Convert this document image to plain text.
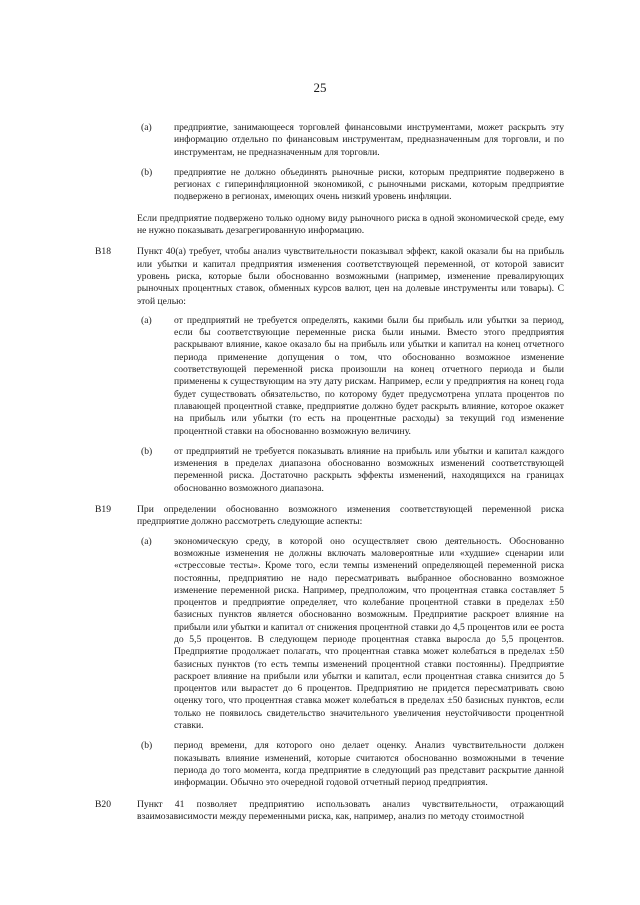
25
(a) предприятие, занимающееся торговлей финансовыми инструментами, может раскрыть эту информацию отдельно по финансовым инструментам, предназначенным для торговли, и по инструментам, не предназначенным для торговли.

(b) предприятие не должно объединять рыночные риски, которым предприятие подвержено в регионах с гиперинфляционной экономикой, с рыночными рисками, которым предприятие подвержено в регионах, имеющих очень низкий уровень инфляции.

Если предприятие подвержено только одному виду рыночного риска в одной экономической среде, ему не нужно показывать дезагрегированную информацию.

B18	Пункт 40(а) требует, чтобы анализ чувствительности показывал эффект, какой оказали бы на прибыль или убытки и капитал предприятия изменения соответствующей переменной, от которой зависит уровень риска, которые были обоснованно возможными (например, изменение превалирующих рыночных процентных ставок, обменных курсов валют, цен на долевые инструменты или товары). С этой целью:

(a) от предприятий не требуется определять, какими были бы прибыль или убытки за период, если бы соответствующие переменные риска были иными. Вместо этого предприятия раскрывают влияние, какое оказало бы на прибыль или убытки и капитал на конец отчетного периода применение допущения о том, что обоснованно возможное изменение соответствующей переменной риска произошли на конец отчетного периода и были применены к существующим на эту дату рискам. Например, если у предприятия на конец года будет существовать обязательство, по которому будет предусмотрена уплата процентов по плавающей процентной ставке, предприятие должно будет раскрыть влияние, которое окажет на прибыль или убытки (то есть на процентные расходы) за текущий год изменение процентной ставки на обоснованно возможную величину.

(b) от предприятий не требуется показывать влияние на прибыль или убытки и капитал каждого изменения в пределах диапазона обоснованно возможных изменений соответствующей переменной риска. Достаточно раскрыть эффекты изменений, находящихся на границах обоснованно возможного диапазона.

B19	При определении обоснованно возможного изменения соответствующей переменной риска предприятие должно рассмотреть следующие аспекты:

(a) экономическую среду, в которой оно осуществляет свою деятельность. Обоснованно возможные изменения не должны включать маловероятные или «худшие» сценарии или «стрессовые тесты». Кроме того, если темпы изменений определяющей переменной риска постоянны, предприятию не надо пересматривать выбранное обоснованно возможное изменение переменной риска. Например, предположим, что процентная ставка составляет 5 процентов и предприятие определяет, что колебание процентной ставки в пределах ±50 базисных пунктов является обоснованно возможным. Предприятие раскроет влияние на прибыли или убытки и капитал от снижения процентной ставки до 4,5 процентов или ее роста до 5,5 процентов. В следующем периоде процентная ставка выросла до 5,5 процентов. Предприятие продолжает полагать, что процентная ставка может колебаться в пределах ±50 базисных пунктов (то есть темпы изменений процентной ставки постоянны). Предприятие раскроет влияние на прибыли или убытки и капитал, если процентная ставка снизится до 5 процентов или вырастет до 6 процентов. Предприятию не придется пересматривать свою оценку того, что процентная ставка может колебаться в пределах ±50 базисных пунктов, если только не появилось свидетельство значительного увеличения неустойчивости процентной ставки.

(b) период времени, для которого оно делает оценку. Анализ чувствительности должен показывать влияние изменений, которые считаются обоснованно возможными в течение периода до того момента, когда предприятие в следующий раз представит раскрытие данной информации. Обычно это очередной годовой отчетный период предприятия.

B20	Пункт 41 позволяет предприятию использовать анализ чувствительности, отражающий взаимозависимости между переменными риска, как, например, анализ по методу стоимостной
